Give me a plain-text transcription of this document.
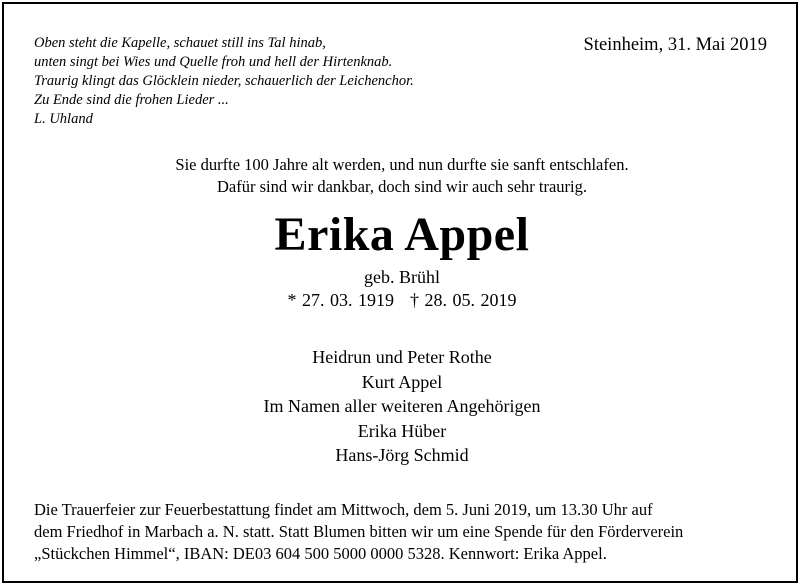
Oben steht die Kapelle, schauet still ins Tal hinab,
unten singt bei Wies und Quelle froh und hell der Hirtenknab.
Traurig klingt das Glöcklein nieder, schauerlich der Leichenchor.
Zu Ende sind die frohen Lieder ...
L. Uhland
Steinheim, 31. Mai 2019
Sie durfte 100 Jahre alt werden, und nun durfte sie sanft entschlafen.
Dafür sind wir dankbar, doch sind wir auch sehr traurig.
Erika Appel
geb. Brühl
* 27. 03. 1919 † 28. 05. 2019
Heidrun und Peter Rothe
Kurt Appel
Im Namen aller weiteren Angehörigen
Erika Hüber
Hans-Jörg Schmid
Die Trauerfeier zur Feuerbestattung findet am Mittwoch, dem 5. Juni 2019, um 13.30 Uhr auf
dem Friedhof in Marbach a. N. statt. Statt Blumen bitten wir um eine Spende für den Förderverein
„Stückchen Himmel“, IBAN: DE03 604 500 5000 0000 5328. Kennwort: Erika Appel.
